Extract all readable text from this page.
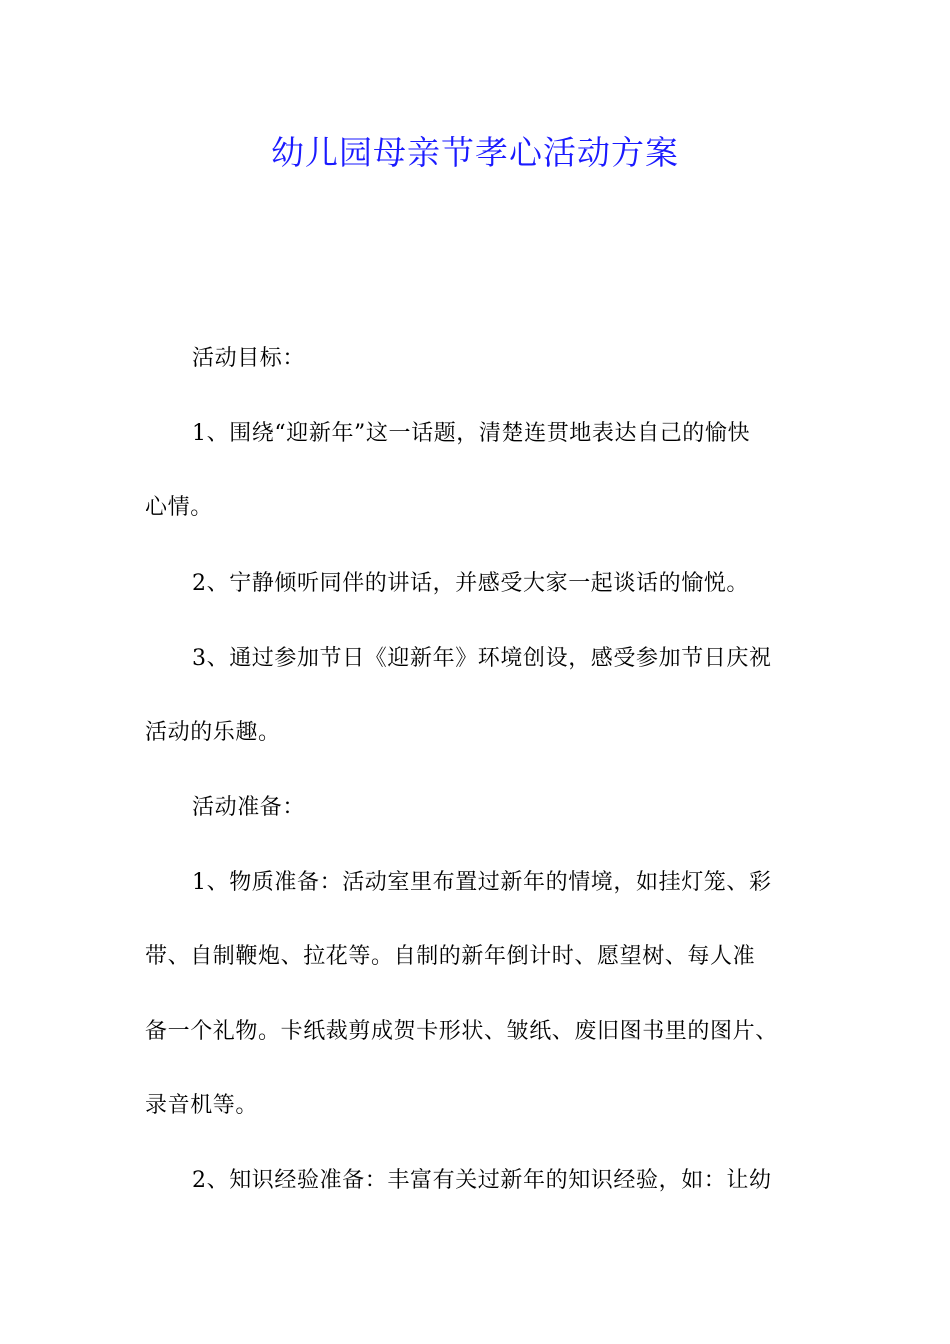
幼儿园母亲节孝心活动方案
活动目标：
1、围绕“迎新年”这一话题，清楚连贯地表达自己的愉快
心情。
2、宁静倾听同伴的讲话，并感受大家一起谈话的愉悦。
3、通过参加节日《迎新年》环境创设，感受参加节日庆祝
活动的乐趣。
活动准备：
1、物质准备：活动室里布置过新年的情境，如挂灯笼、彩
带、自制鞭炮、拉花等。自制的新年倒计时、愿望树、每人准
备一个礼物。卡纸裁剪成贺卡形状、皱纸、废旧图书里的图片、
录音机等。
2、知识经验准备：丰富有关过新年的知识经验，如：让幼
